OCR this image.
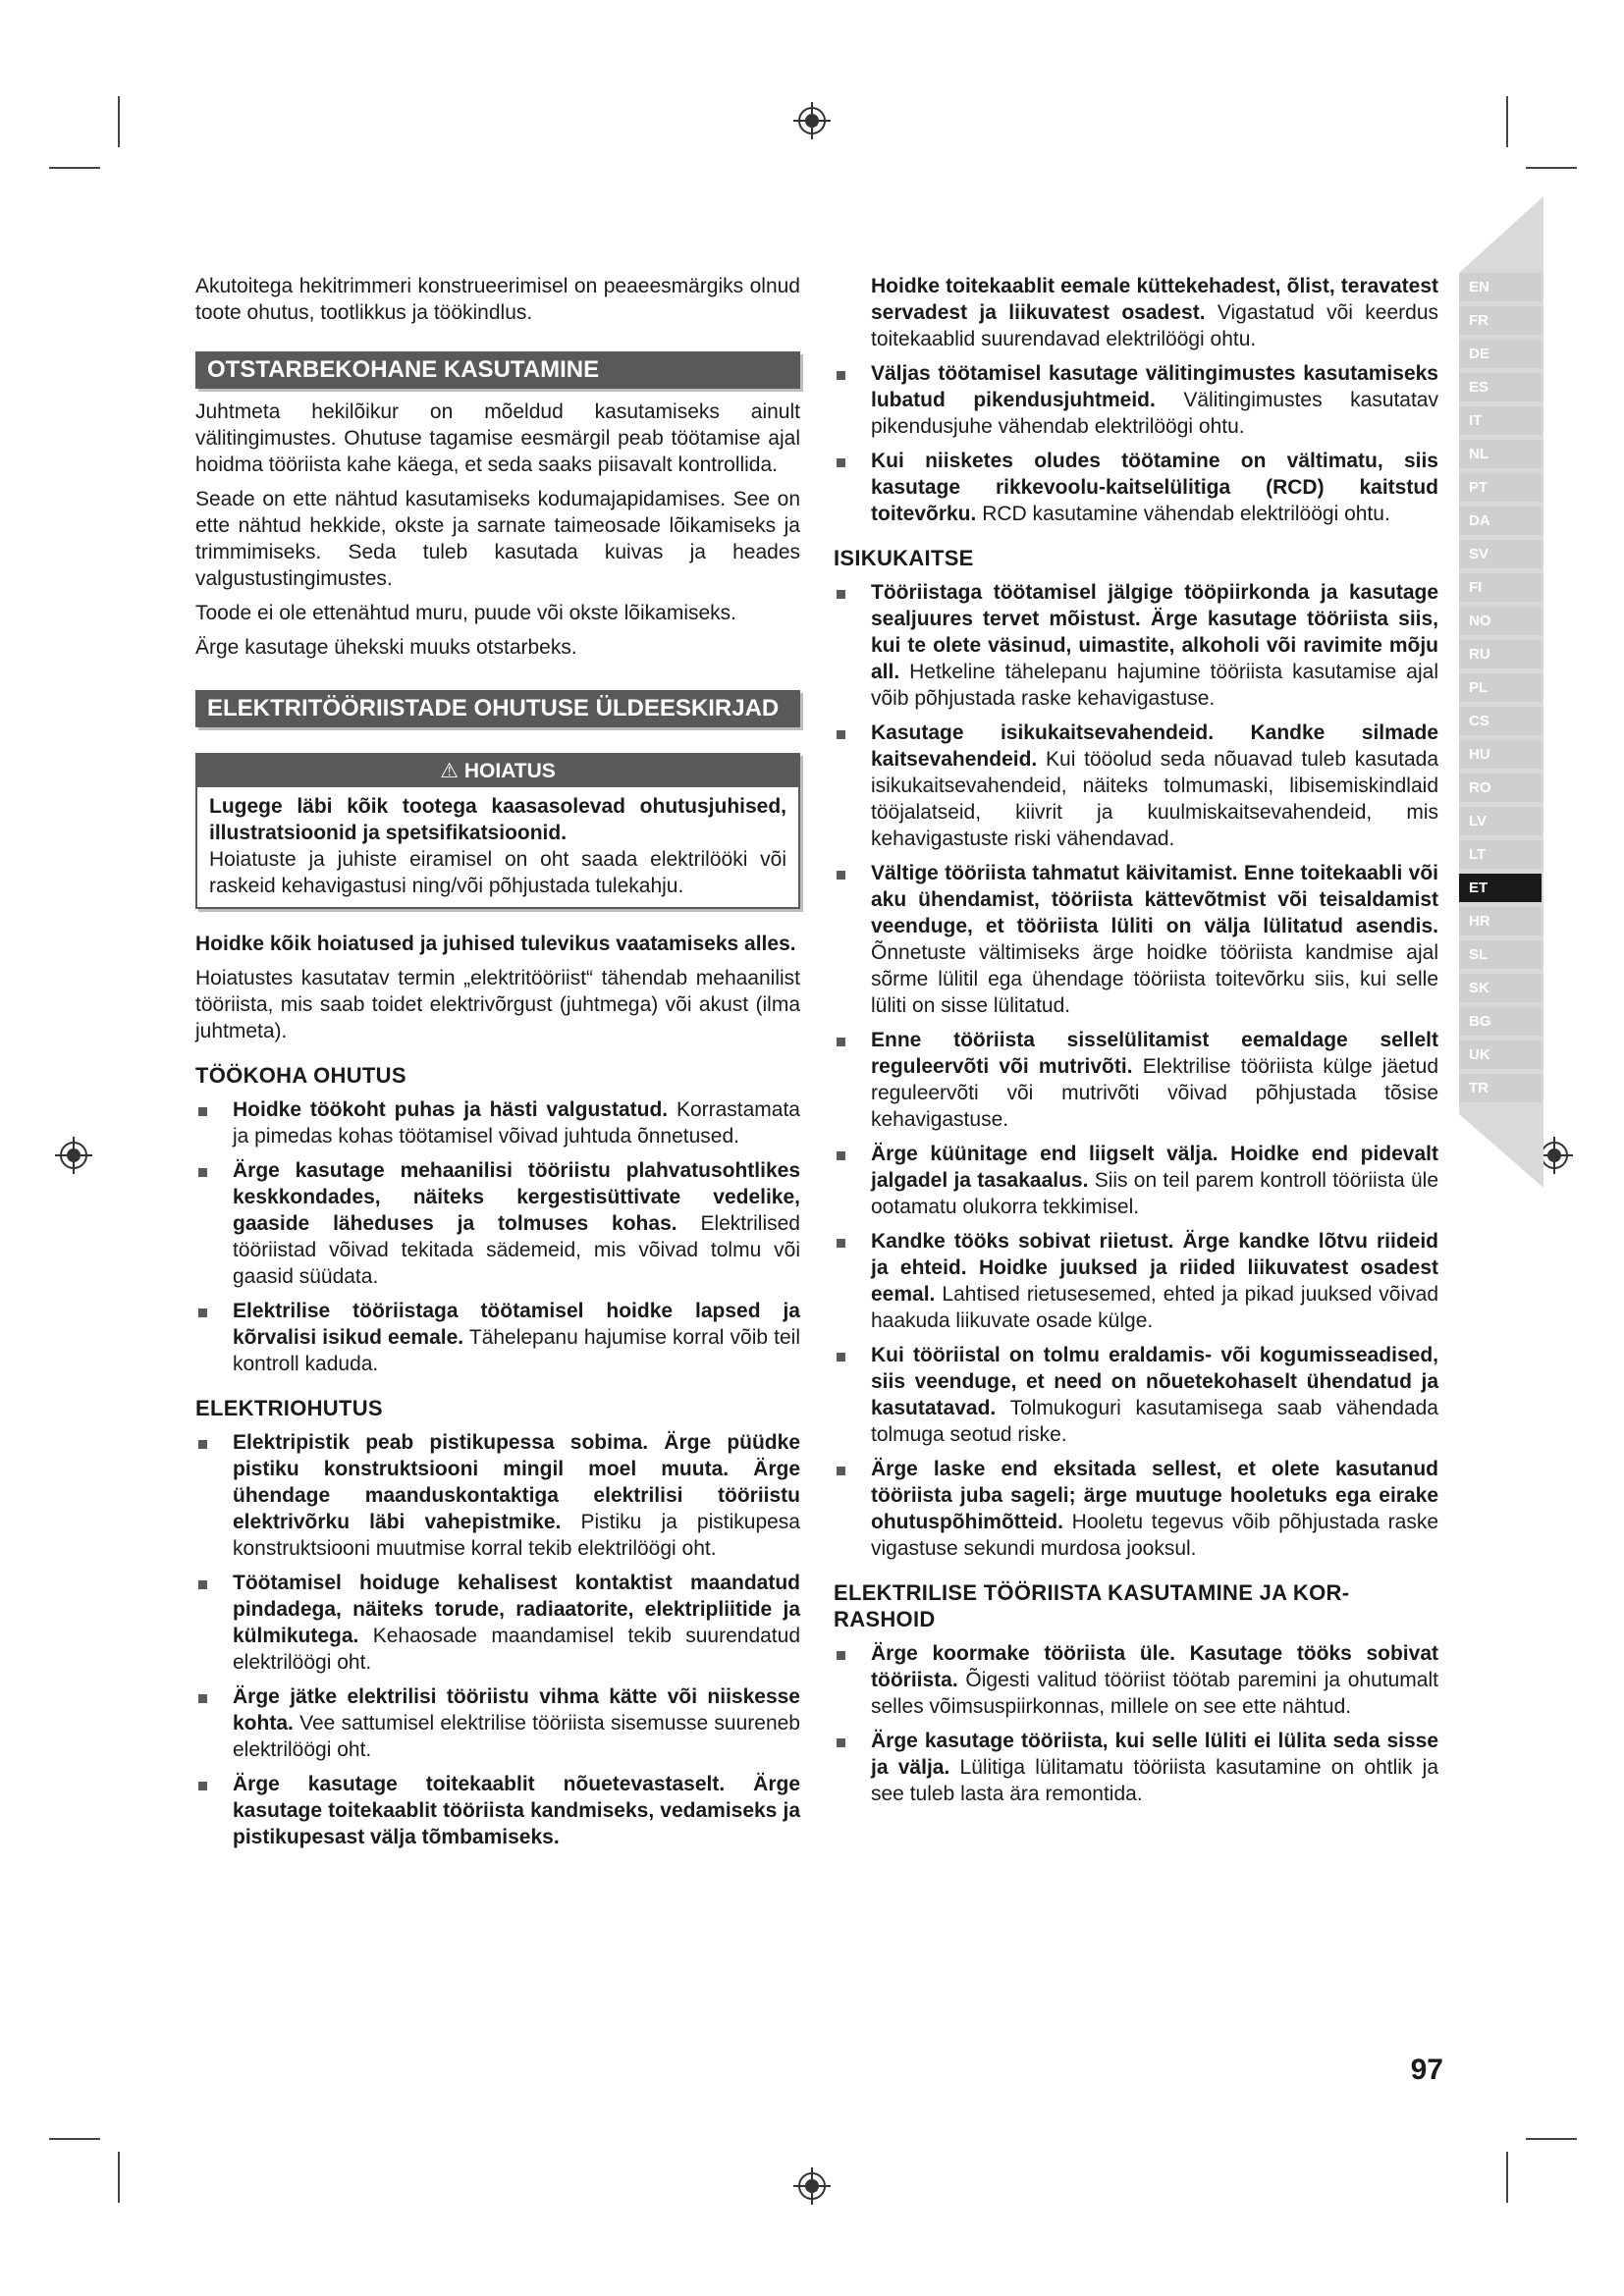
Akutoitega hekitrimmeri konstrueerimisel on peaeesmärgiks olnud toote ohutus, tootlikkus ja töökindlus.

OTSTARBEKOHANE KASUTAMINE

Juhtmeta hekilõikur on mõeldud kasutamiseks ainult välitingimustes. Ohutuse tagamise eesmärgil peab töötamise ajal hoidma tööriista kahe käega, et seda saaks piisavalt kontrollida.

Seade on ette nähtud kasutamiseks kodumajapidamises. See on ette nähtud hekkide, okste ja sarnate taimeosade lõikamiseks ja trimmimiseks. Seda tuleb kasutada kuivas ja heades valgustustingimustes.

Toode ei ole ettenähtud muru, puude või okste lõikamiseks.

Ärge kasutage ühekski muuks otstarbeks.

ELEKTRITÖÖRIISTADE OHUTUSE ÜLDEESKIRJAD
⚠ HOIATUS

Lugege läbi kõik tootega kaasasolevad ohutusjuhised, illustratsioonid ja spetsifikatsioonid.

Hoiatuste ja juhiste eiramisel on oht saada elektrilööki või raskeid kehavigastusi ning/või põhjustada tulekahju.

Hoidke kõik hoiatused ja juhised tulevikus vaatamiseks alles.

Hoiatustes kasutatav termin „elektritööriist“ tähendab mehaanilist tööriista, mis saab toidet elektrivõrgust (juhtmega) või akust (ilma juhtmeta).

TÖÖKOHA OHUTUS
Hoidke töökoht puhas ja hästi valgustatud. Korrastamata ja pimedas kohas töötamisel võivad juhtuda õnnetused.
Ärge kasutage mehaanilisi tööriistu plahvatusohtlikes keskkondades, näiteks kergestisüttivate vedelike, gaaside läheduses ja tolmuses kohas. Elektrilised tööriistad võivad tekitada sädemeid, mis võivad tolmu või gaasid süüdata.
Elektrilise tööriistaga töötamisel hoidke lapsed ja kõrvalisi isikud eemale. Tähelepanu hajumise korral võib teil kontroll kaduda.
ELEKTRIOHUTUS
Elektripistik peab pistikupessa sobima. Ärge püüdke pistiku konstruktsiooni mingil moel muuta. Ärge ühendage maanduskontaktiga elektrilisi tööriistu elektrivõrku läbi vahepistmike. Pistiku ja pistikupesa konstruktsiooni muutmise korral tekib elektrilöögi oht.
Töötamisel hoiduge kehalisest kontaktist maandatud pindadega, näiteks torude, radiaatorite, elektripliitide ja külmikutega. Kehaosade maandamisel tekib suurendatud elektrilöögi oht.
Ärge jätke elektrilisi tööriistu vihma kätte või niiskesse kohta. Vee sattumisel elektrilise tööriista sisemusse suureneb elektrilöögi oht.
Ärge kasutage toitekaablit nõuetevastaselt. Ärge kasutage toitekaablit tööriista kandmiseks, vedamiseks ja pistikupesast välja tõmbamiseks.

Hoidke toitekaablit eemale küttekehadest, õlist, teravatest servadest ja liikuvatest osadest. Vigastatud või keerdus toitekaablid suurendavad elektrilöögi ohtu.

Väljas töötamisel kasutage välitingimustes kasutamiseks lubatud pikendusjuhtmeid. Välitingimustes kasutatav pikendusjuhe vähendab elektrilöögi ohtu.
Kui niisketes oludes töötamine on vältimatu, siis kasutage rikkevoolu-kaitselülitiga (RCD) kaitstud toitevõrku. RCD kasutamine vähendab elektrilöögi ohtu.
ISIKUKAITSE
Tööriistaga töötamisel jälgige tööpiirkonda ja kasutage sealjuures tervet mõistust. Ärge kasutage tööriista siis, kui te olete väsinud, uimastite, alkoholi või ravimite mõju all. Hetkeline tähelepanu hajumine tööriista kasutamise ajal võib põhjustada raske kehavigastuse.
Kasutage isikukaitsevahendeid. Kandke silmade kaitsevahendeid. Kui tööolud seda nõuavad tuleb kasutada isikukaitsevahendeid, näiteks tolmumaski, libisemiskindlaid tööjalatseid, kiivrit ja kuulmiskaitsevahendeid, mis kehavigastuste riski vähendavad.
Vältige tööriista tahmatut käivitamist. Enne toitekaabli või aku ühendamist, tööriista kättevõtmist või teisaldamist veenduge, et tööriista lüliti on välja lülitatud asendis. Õnnetuste vältimiseks ärge hoidke tööriista kandmise ajal sõrme lülitil ega ühendage tööriista toitevõrku siis, kui selle lüliti on sisse lülitatud.
Enne tööriista sisselülitamist eemaldage sellelt reguleervõti või mutrivõti. Elektrilise tööriista külge jäetud reguleervõti või mutrivõti võivad põhjustada tõsise kehavigastuse.
Ärge küünitage end liigselt välja. Hoidke end pidevalt jalgadel ja tasakaalus. Siis on teil parem kontroll tööriista üle ootamatu olukorra tekkimisel.
Kandke tööks sobivat riietust. Ärge kandke lõtvu riideid ja ehteid. Hoidke juuksed ja riided liikuvatest osadest eemal. Lahtised rietusesemed, ehted ja pikad juuksed võivad haakuda liikuvate osade külge.
Kui tööriistal on tolmu eraldamis- või kogumisseadised, siis veenduge, et need on nõuetekohaselt ühendatud ja kasutatavad. Tolmukoguri kasutamisega saab vähendada tolmuga seotud riske.
Ärge laske end eksitada sellest, et olete kasutanud tööriista juba sageli; ärge muutuge hooletuks ega eirake ohutuspõhimõtteid. Hooletu tegevus võib põhjustada raske vigastuse sekundi murdosa jooksul.
ELEKTRILISE TÖÖRIISTA KASUTAMINE JA KOR-RASHOID
Ärge koormake tööriista üle. Kasutage tööks sobivat tööriista. Õigesti valitud tööriist töötab paremini ja ohutumalt selles võimsuspiirkonnas, millele on see ette nähtud.
Ärge kasutage tööriista, kui selle lüliti ei lülita seda sisse ja välja. Lülitiga lülitamatu tööriista kasutamine on ohtlik ja see tuleb lasta ära remontida.
EN
FR
DE
ES
IT
NL
PT
DA
SV
FI
NO
RU
PL
CS
HU
RO
LV
LT
ET
HR
SL
SK
BG
UK
TR
97
